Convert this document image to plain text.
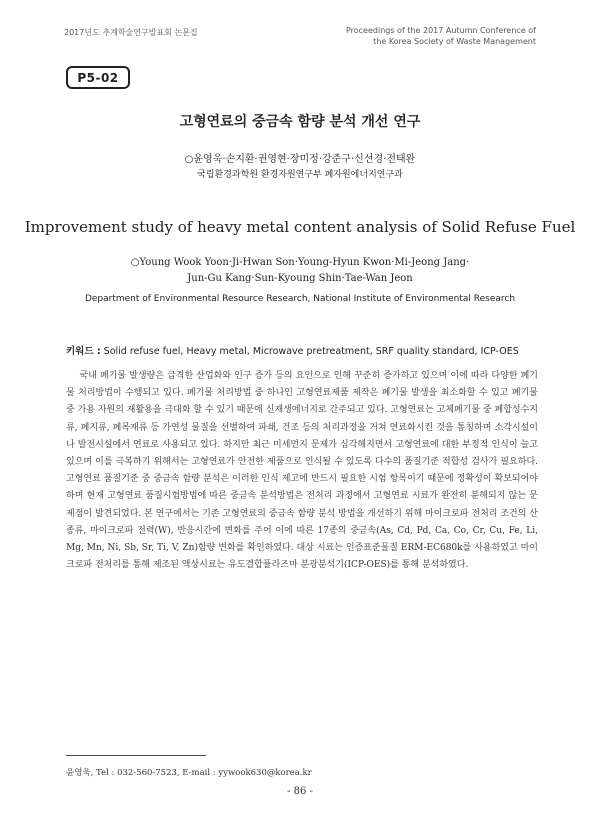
2017년도 추계학술연구발표회 논문집	Proceedings of the 2017 Autumn Conference of
the Korea Society of Waste Management
P5-02
고형연료의 중금속 함량 분석 개선 연구
○윤영욱·손지환·권영현·장미정·강준구·신선경·전태완
국립환경과학원 환경자원연구부 폐자원에너지연구과
Improvement study of heavy metal content analysis of Solid Refuse Fuel
○Young Wook Yoon·Ji-Hwan Son·Young-Hyun Kwon·Mi-Jeong Jang·
Jun-Gu Kang·Sun-Kyoung Shin·Tae-Wan Jeon
Department of Environmental Resource Research, National Institute of Environmental Research
키워드 : Solid refuse fuel, Heavy metal, Microwave pretreatment, SRF quality standard, ICP-OES
국내 폐기물 발생량은 급격한 산업화와 인구 증가 등의 요인으로 인해 꾸준히 증가하고 있으며 이에 따라 다양한 폐기물 처리방법이 수행되고 있다. 폐기물 처리방법 중 하나인 고형연료제품 제작은 폐기물 발생을 최소화할 수 있고 폐기물 중 가용 자원의 재활용을 극대화 할 수 있기 때문에 신재생에너지로 간주되고 있다. 고형연료는 고체폐기물 중 폐합성수지류, 폐지류, 폐목재류 등 가연성 물질을 선별하여 파쇄, 건조 등의 처리과정을 거쳐 연료화시킨 것을 통칭하며 소각시설이나 발전시설에서 연료로 사용되고 있다. 하지만 최근 미세먼지 문제가 심각해지면서 고형연료에 대한 부정적 인식이 늘고 있으며 이를 극복하기 위해서는 고형연료가 안전한 제품으로 인식될 수 있도록 다수의 품질기준 적합성 검사가 필요하다. 고형연료 품질기준 중 중금속 함량 분석은 이러한 인식 제고에 반드시 필요한 시험 항목이기 때문에 정확성이 확보되어야 하며 현재 고형연료 품질시험방법에 따른 중금속 분석방법은 전처리 과정에서 고형연료 시료가 완전히 분해되지 않는 문제점이 발견되었다. 본 연구에서는 기존 고형연료의 중금속 함량 분석 방법을 개선하기 위해 마이크로파 전처리 조건의 산 종류, 마이크로파 전력(W), 반응시간에 변화를 주어 이에 따른 17종의 중금속(As, Cd, Pd, Ca, Co, Cr, Cu, Fe, Li, Mg, Mn, Ni, Sb, Sr, Ti, V, Zn)함량 변화를 확인하였다. 대상 시료는 인증표준물질 ERM-EC680k를 사용하였고 마이크로파 전처리를 통해 제조된 액상시료는 유도결합플라즈마 분광분석기(ICP-OES)를 통해 분석하였다.
윤영욱, Tel : 032-560-7523, E-mail : yywook630@korea.kr
- 86 -
